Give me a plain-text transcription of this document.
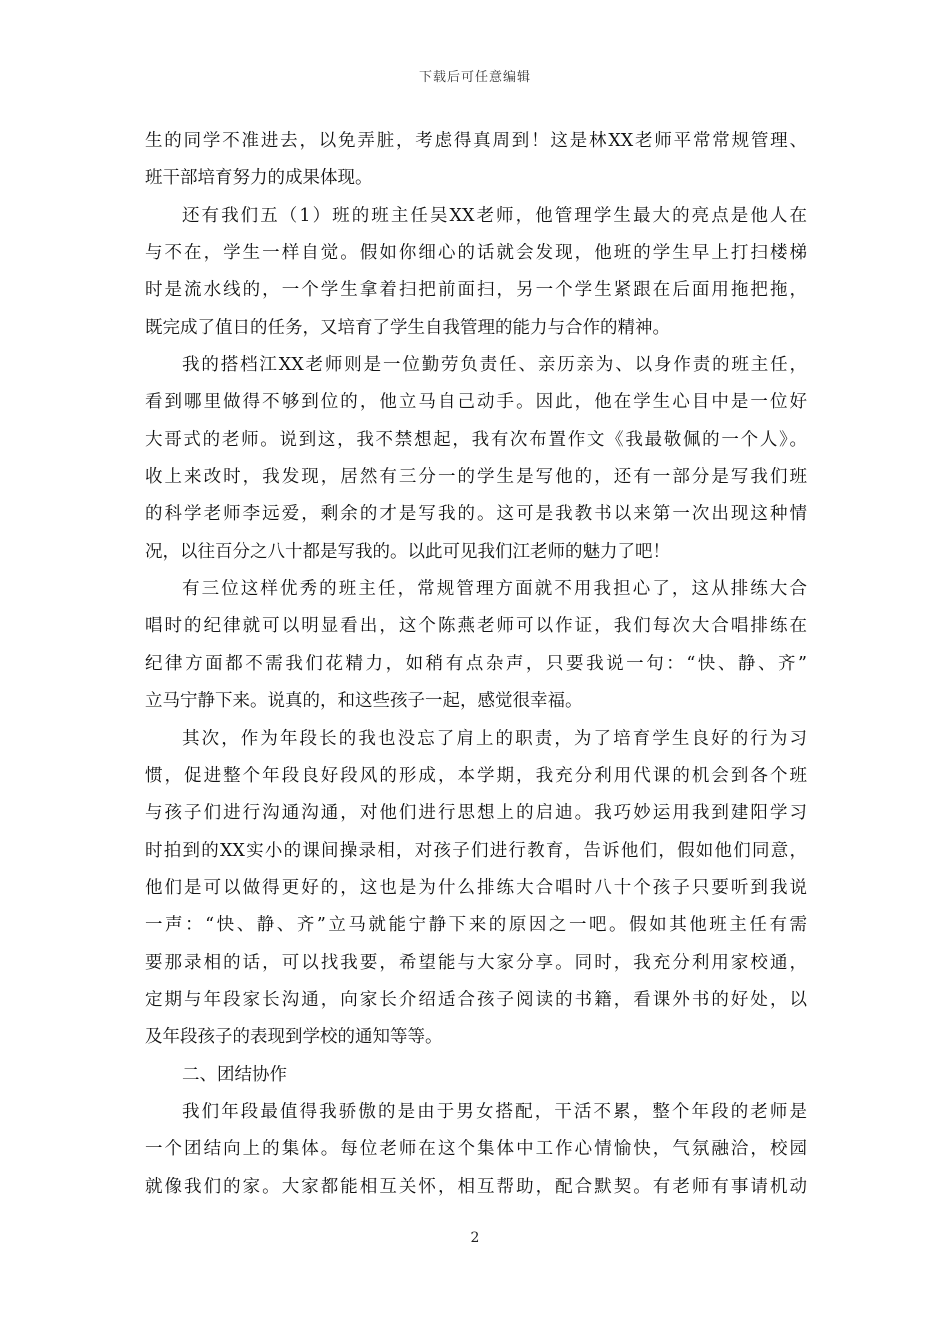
下载后可任意编辑
生的同学不准进去，以免弄脏，考虑得真周到！这是林XX老师平常常规管理、
班干部培育努力的成果体现。
还有我们五（1）班的班主任吴XX老师，他管理学生最大的亮点是他人在
与不在，学生一样自觉。假如你细心的话就会发现，他班的学生早上打扫楼梯
时是流水线的，一个学生拿着扫把前面扫，另一个学生紧跟在后面用拖把拖，
既完成了值日的任务，又培育了学生自我管理的能力与合作的精神。
我的搭档江XX老师则是一位勤劳负责任、亲历亲为、以身作责的班主任，
看到哪里做得不够到位的，他立马自己动手。因此，他在学生心目中是一位好
大哥式的老师。说到这，我不禁想起，我有次布置作文《我最敬佩的一个人》。
收上来改时，我发现，居然有三分一的学生是写他的，还有一部分是写我们班
的科学老师李远爱，剩余的才是写我的。这可是我教书以来第一次出现这种情
况，以往百分之八十都是写我的。以此可见我们江老师的魅力了吧！
有三位这样优秀的班主任，常规管理方面就不用我担心了，这从排练大合
唱时的纪律就可以明显看出，这个陈燕老师可以作证，我们每次大合唱排练在
纪律方面都不需我们花精力，如稍有点杂声，只要我说一句：“快、静、齐”
立马宁静下来。说真的，和这些孩子一起，感觉很幸福。
其次，作为年段长的我也没忘了肩上的职责，为了培育学生良好的行为习
惯，促进整个年段良好段风的形成，本学期，我充分利用代课的机会到各个班
与孩子们进行沟通沟通，对他们进行思想上的启迪。我巧妙运用我到建阳学习
时拍到的XX实小的课间操录相，对孩子们进行教育，告诉他们，假如他们同意，
他们是可以做得更好的，这也是为什么排练大合唱时八十个孩子只要听到我说
一声：“快、静、齐”立马就能宁静下来的原因之一吧。假如其他班主任有需
要那录相的话，可以找我要，希望能与大家分享。同时，我充分利用家校通，
定期与年段家长沟通，向家长介绍适合孩子阅读的书籍，看课外书的好处，以
及年段孩子的表现到学校的通知等等。
二、团结协作
我们年段最值得我骄傲的是由于男女搭配，干活不累，整个年段的老师是
一个团结向上的集体。每位老师在这个集体中工作心情愉快，气氛融洽，校园
就像我们的家。大家都能相互关怀，相互帮助，配合默契。有老师有事请机动
2
